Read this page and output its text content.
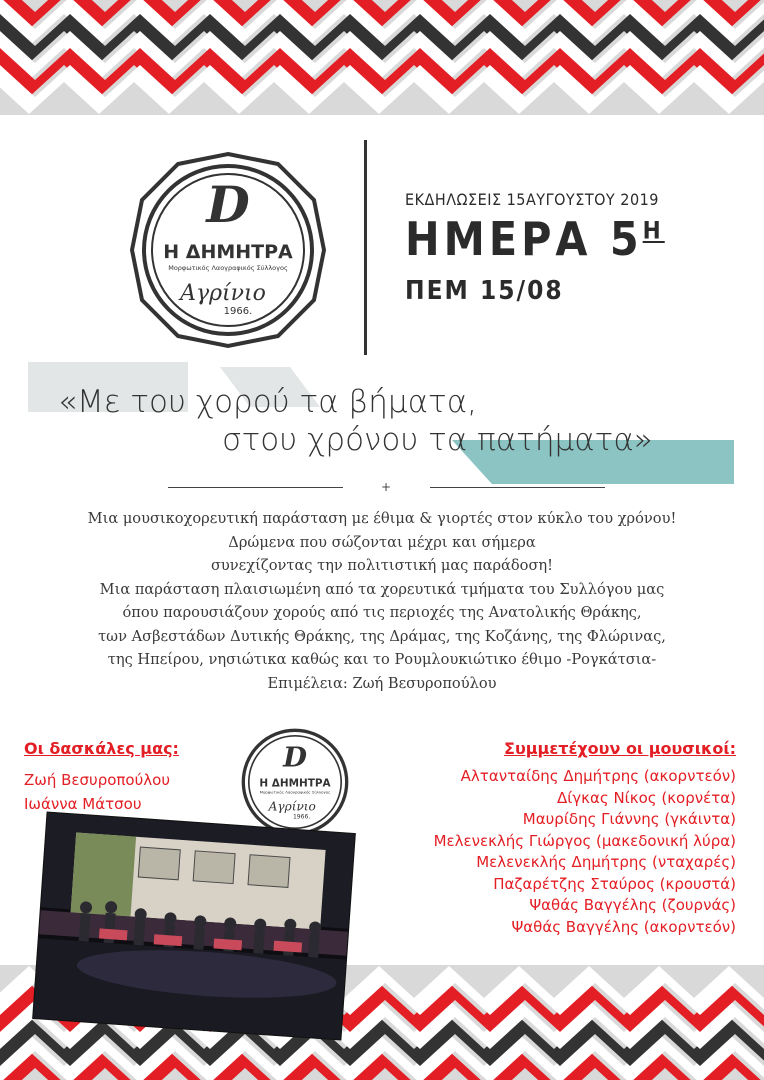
D
Η ΔΗΜΗΤΡΑ
Μορφωτικός Λαογραφικός Σύλλογος
Αγρίνιο
1966.
ΕΚΔΗΛΩΣΕΙΣ 15ΑΥΓΟΥΣΤΟΥ 2019
ΗΜΕΡΑ $5^H$
ΠΕΜ 15/08
«Με του χορού τα βήματα,
στου χρόνου τα πατήματα»
+
Μια μουσικοχορευτική παράσταση με έθιμα & γιορτές στον κύκλο του χρόνου!
Δρώμενα που σώζονται μέχρι και σήμερα
συνεχίζοντας την πολιτιστική μας παράδοση!
Μια παράσταση πλαισιωμένη από τα χορευτικά τμήματα του Συλλόγου μας
όπου παρουσιάζουν χορούς από τις περιοχές της Ανατολικής Θράκης,
των Ασβεστάδων Δυτικής Θράκης, της Δράμας, της Κοζάνης, της Φλώρινας,
της Ηπείρου, νησιώτικα καθώς και το Ρουμλουκιώτικο έθιμο -Ρογκάτσια-
Επιμέλεια: Ζωή Βεσυροπούλου
Οι δασκάλες μας:
Ζωή Βεσυροπούλου
Ιωάννα Μάτσου
D
Η ΔΗΜΗΤΡΑ
Μορφωτικός Λαογραφικός Σύλλογος
Αγρίνιο
1966.
Συμμετέχουν οι μουσικοί:
Αλτανταίδης Δημήτρης (ακορντεόν)
Δίγκας Νίκος (κορνέτα)
Μαυρίδης Γιάννης (γκάιντα)
Μελενεκλής Γιώργος (μακεδονική λύρα)
Μελενεκλής Δημήτρης (νταχαρές)
Παζαρέτζης Σταύρος (κρουστά)
Ψαθάς Βαγγέλης (ζουρνάς)
Ψαθάς Βαγγέλης (ακορντεόν)
